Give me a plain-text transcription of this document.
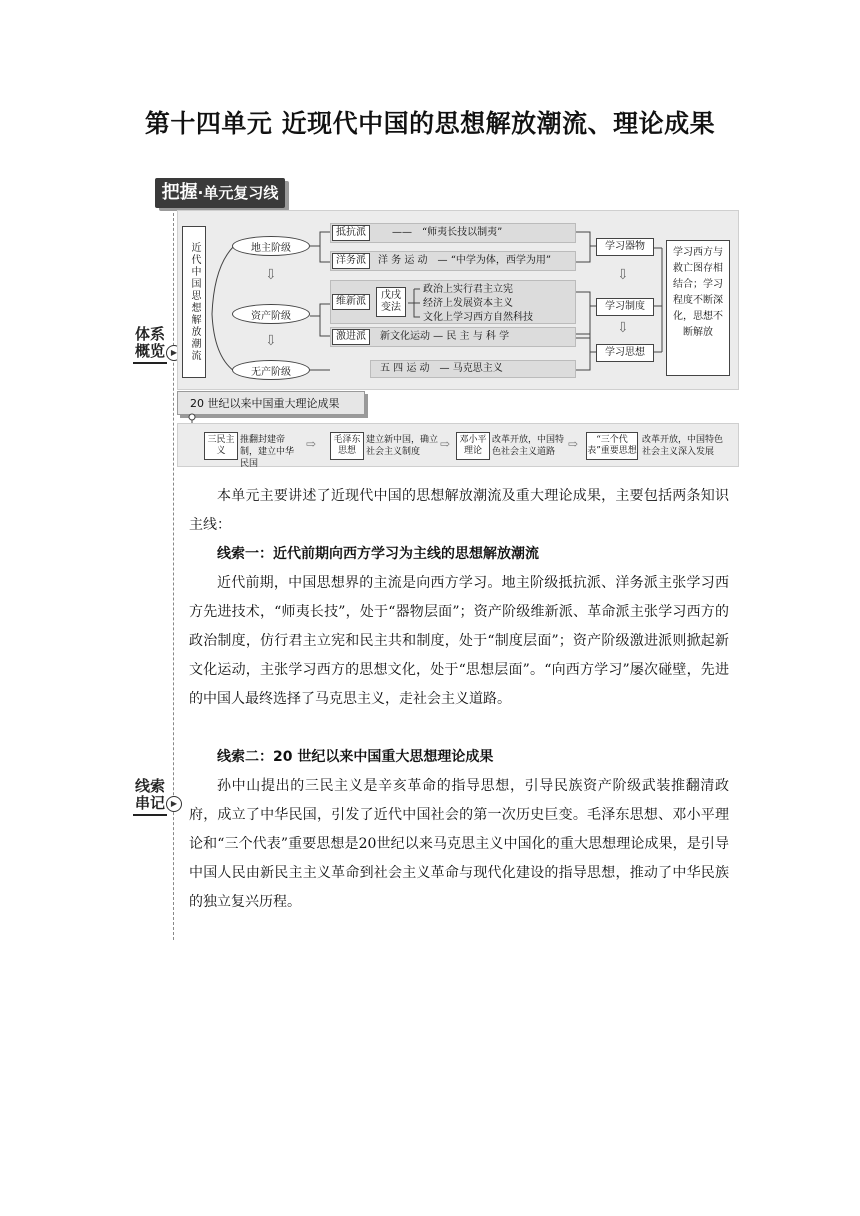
第十四单元 近现代中国的思想解放潮流、理论成果
体系概览 ▶
线索串记 ▶
把握·单元复习线
近代中国思想解放潮流	地主阶级
⇩
资产阶级
⇩
无产阶级
抵抗派	——　“师夷长技以制夷”
洋务派	洋 务 运 动　— “中学为体，西学为用”
维新派
戊戌变法
政治上实行君主立宪
经济上发展资本主义
文化上学习西方自然科技
激进派	新文化运动 — 民 主 与 科 学
五 四 运 动　— 马克思主义
学习器物
⇩
学习制度
⇩
学习思想
学习西方与救亡图存相结合；学习程度不断深化，思想不断解放
20 世纪以来中国重大理论成果
三民主义
推翻封建帝制，建立中华民国
⇨	毛泽东思想
建立新中国，确立社会主义制度
⇨	邓小平理论
改革开放，中国特色社会主义道路
⇨	“三个代表”重要思想
改革开放，中国特色社会主义深入发展

本单元主要讲述了近现代中国的思想解放潮流及重大理论成果，主要包括两条知识主线：

线索一：近代前期向西方学习为主线的思想解放潮流

近代前期，中国思想界的主流是向西方学习。地主阶级抵抗派、洋务派主张学习西方先进技术，“师夷长技”，处于“器物层面”；资产阶级维新派、革命派主张学习西方的政治制度，仿行君主立宪和民主共和制度，处于“制度层面”；资产阶级激进派则掀起新文化运动，主张学习西方的思想文化，处于“思想层面”。“向西方学习”屡次碰壁，先进的中国人最终选择了马克思主义，走社会主义道路。

线索二：20 世纪以来中国重大思想理论成果

孙中山提出的三民主义是辛亥革命的指导思想，引导民族资产阶级武装推翻清政府，成立了中华民国，引发了近代中国社会的第一次历史巨变。毛泽东思想、邓小平理论和“三个代表”重要思想是20世纪以来马克思主义中国化的重大思想理论成果，是引导中国人民由新民主主义革命到社会主义革命与现代化建设的指导思想，推动了中华民族的独立复兴历程。
